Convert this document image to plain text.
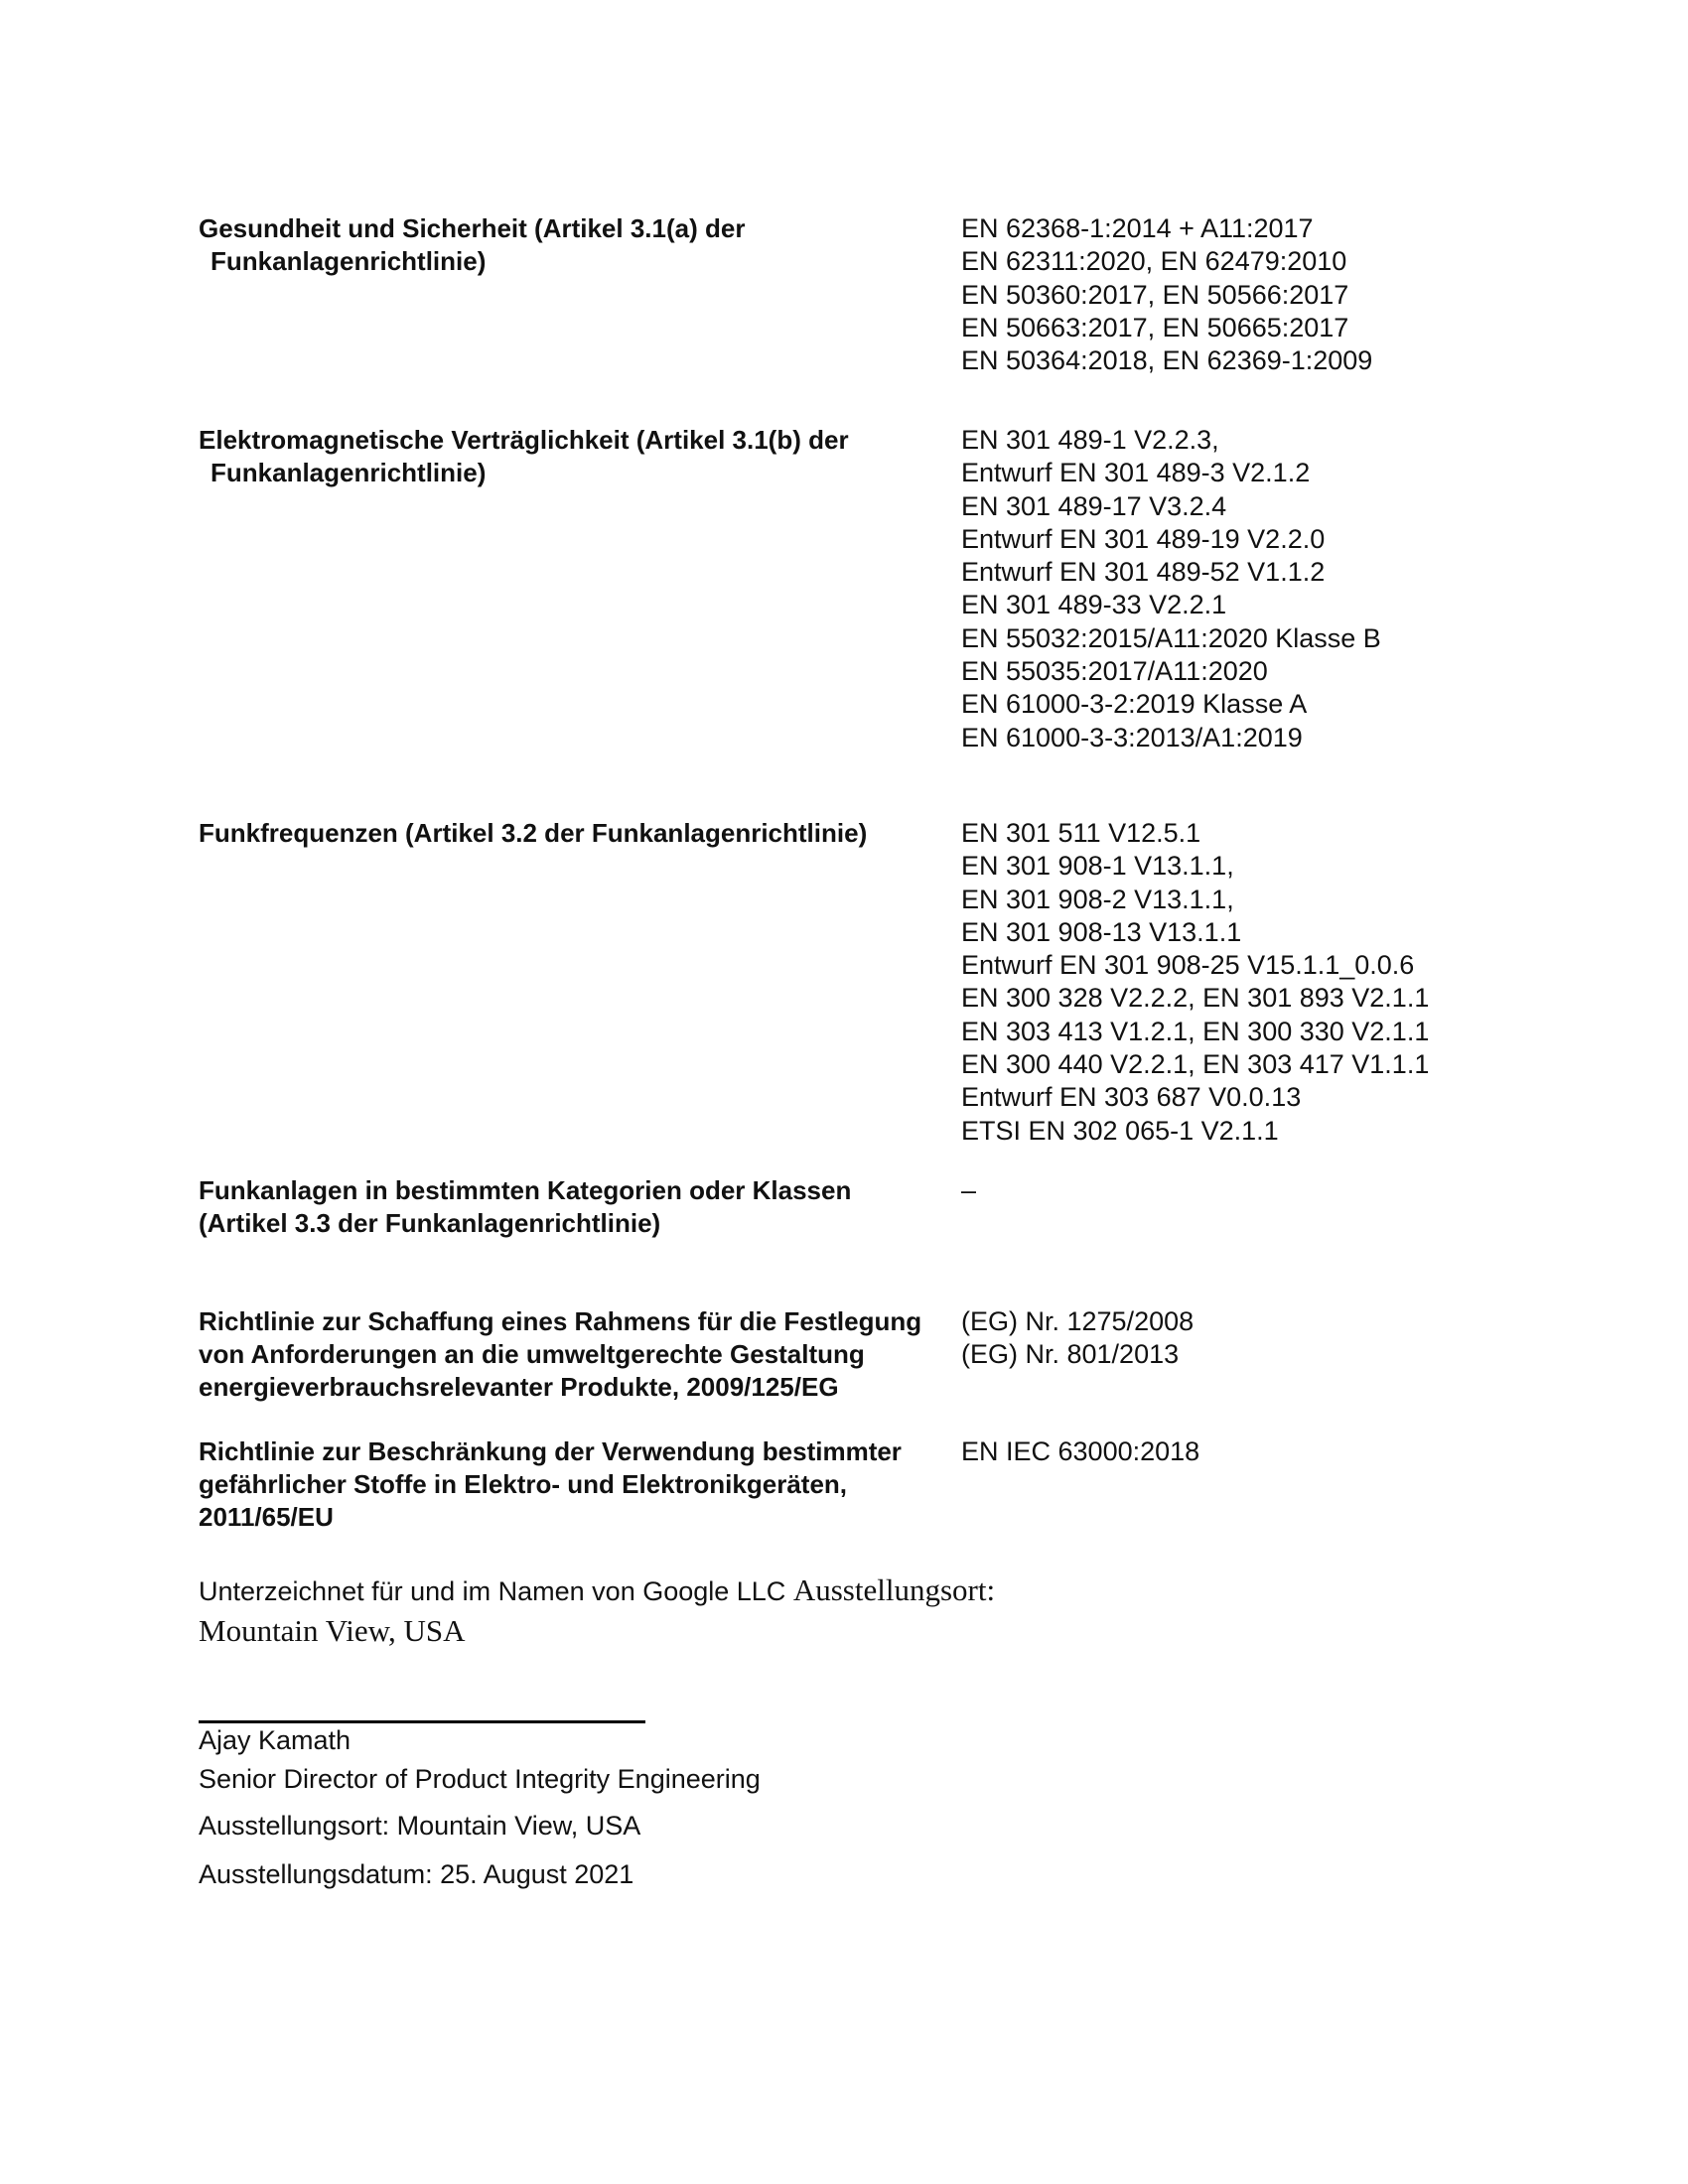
Gesundheit und Sicherheit (Artikel 3.1(a) der
Funkanlagenrichtlinie)
EN 62368-1:2014 + A11:2017
EN 62311:2020, EN 62479:2010
EN 50360:2017, EN 50566:2017
EN 50663:2017, EN 50665:2017
EN 50364:2018, EN 62369-1:2009
Elektromagnetische Verträglichkeit (Artikel 3.1(b) der
Funkanlagenrichtlinie)
EN 301 489-1 V2.2.3,
Entwurf EN 301 489-3 V2.1.2
EN 301 489-17 V3.2.4
Entwurf EN 301 489-19 V2.2.0
Entwurf EN 301 489-52 V1.1.2
EN 301 489-33 V2.2.1
EN 55032:2015/A11:2020 Klasse B
EN 55035:2017/A11:2020
EN 61000-3-2:2019 Klasse A
EN 61000-3-3:2013/A1:2019
Funkfrequenzen (Artikel 3.2 der Funkanlagenrichtlinie)	EN 301 511 V12.5.1
EN 301 908-1 V13.1.1,
EN 301 908-2 V13.1.1,
EN 301 908-13 V13.1.1
Entwurf EN 301 908-25 V15.1.1_0.0.6
EN 300 328 V2.2.2, EN 301 893 V2.1.1
EN 303 413 V1.2.1, EN 300 330 V2.1.1
EN 300 440 V2.2.1, EN 303 417 V1.1.1
Entwurf EN 303 687 V0.0.13
ETSI EN 302 065-1 V2.1.1
Funkanlagen in bestimmten Kategorien oder Klassen
(Artikel 3.3 der Funkanlagenrichtlinie)
–
Richtlinie zur Schaffung eines Rahmens für die Festlegung
von Anforderungen an die umweltgerechte Gestaltung
energieverbrauchsrelevanter Produkte, 2009/125/EG
(EG) Nr. 1275/2008
(EG) Nr. 801/2013
Richtlinie zur Beschränkung der Verwendung bestimmter
gefährlicher Stoffe in Elektro- und Elektronikgeräten,
2011/65/EU
EN IEC 63000:2018
Unterzeichnet für und im Namen von Google LLC Ausstellungsort:
Mountain View, USA
Ajay Kamath
Senior Director of Product Integrity Engineering
Ausstellungsort: Mountain View, USA
Ausstellungsdatum: 25. August 2021
